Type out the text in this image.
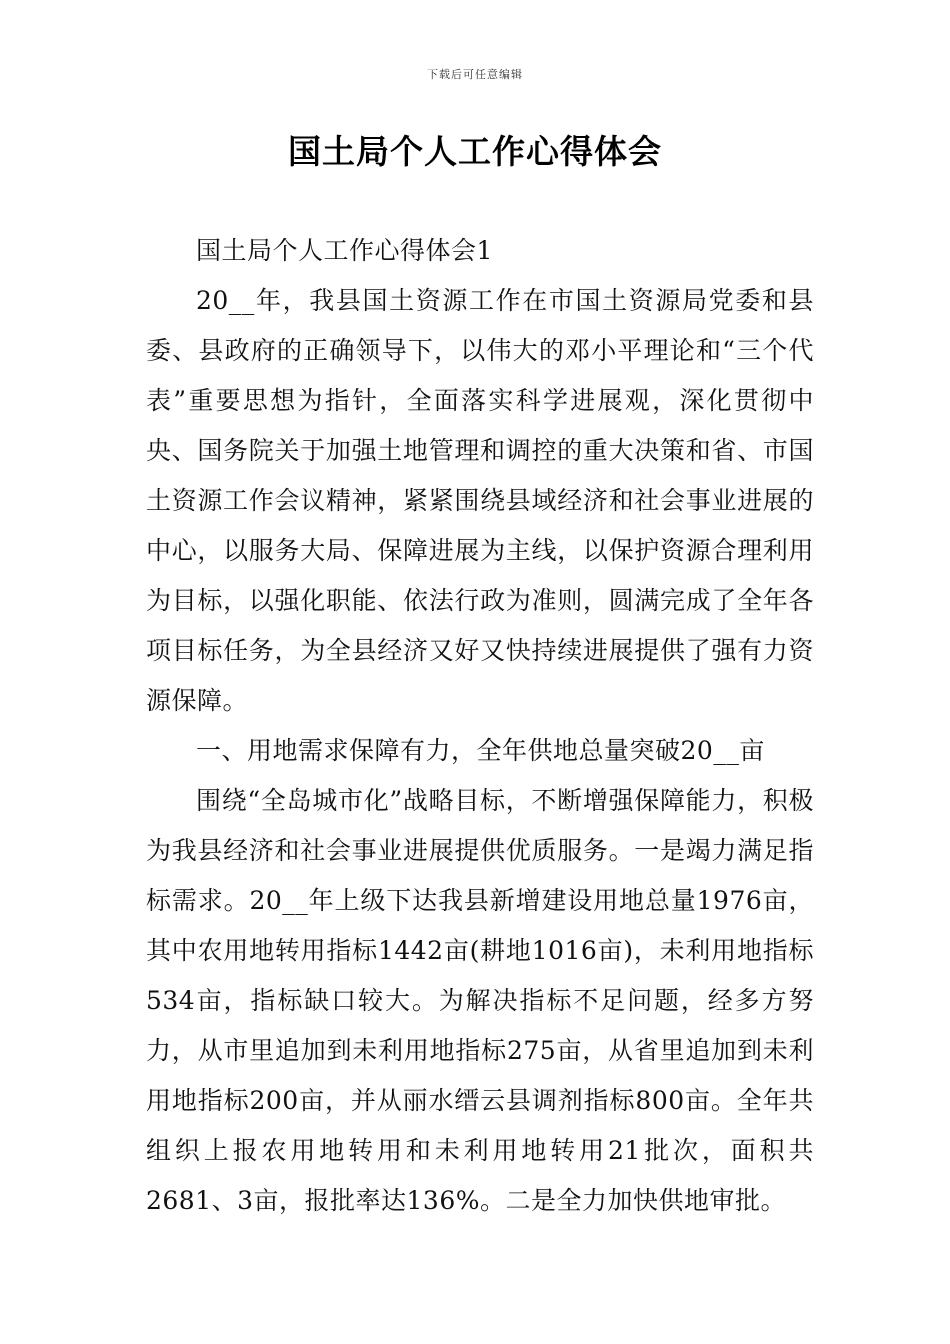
下载后可任意编辑
国土局个人工作心得体会

国土局个人工作心得体会1

20__年，我县国土资源工作在市国土资源局党委和县委、县政府的正确领导下，以伟大的邓小平理论和“三个代表”重要思想为指针，全面落实科学进展观，深化贯彻中央、国务院关于加强土地管理和调控的重大决策和省、市国土资源工作会议精神，紧紧围绕县域经济和社会事业进展的中心，以服务大局、保障进展为主线，以保护资源合理利用为目标，以强化职能、依法行政为准则，圆满完成了全年各项目标任务，为全县经济又好又快持续进展提供了强有力资源保障。

一、用地需求保障有力，全年供地总量突破20__亩

围绕“全岛城市化”战略目标，不断增强保障能力，积极为我县经济和社会事业进展提供优质服务。一是竭力满足指标需求。20__年上级下达我县新增建设用地总量1976亩，其中农用地转用指标1442亩(耕地1016亩)，未利用地指标534亩，指标缺口较大。为解决指标不足问题，经多方努力，从市里追加到未利用地指标275亩，从省里追加到未利用地指标200亩，并从丽水缙云县调剂指标800亩。全年共组织上报农用地转用和未利用地转用21批次，面积共2681、3亩，报批率达136%。二是全力加快供地审批。
